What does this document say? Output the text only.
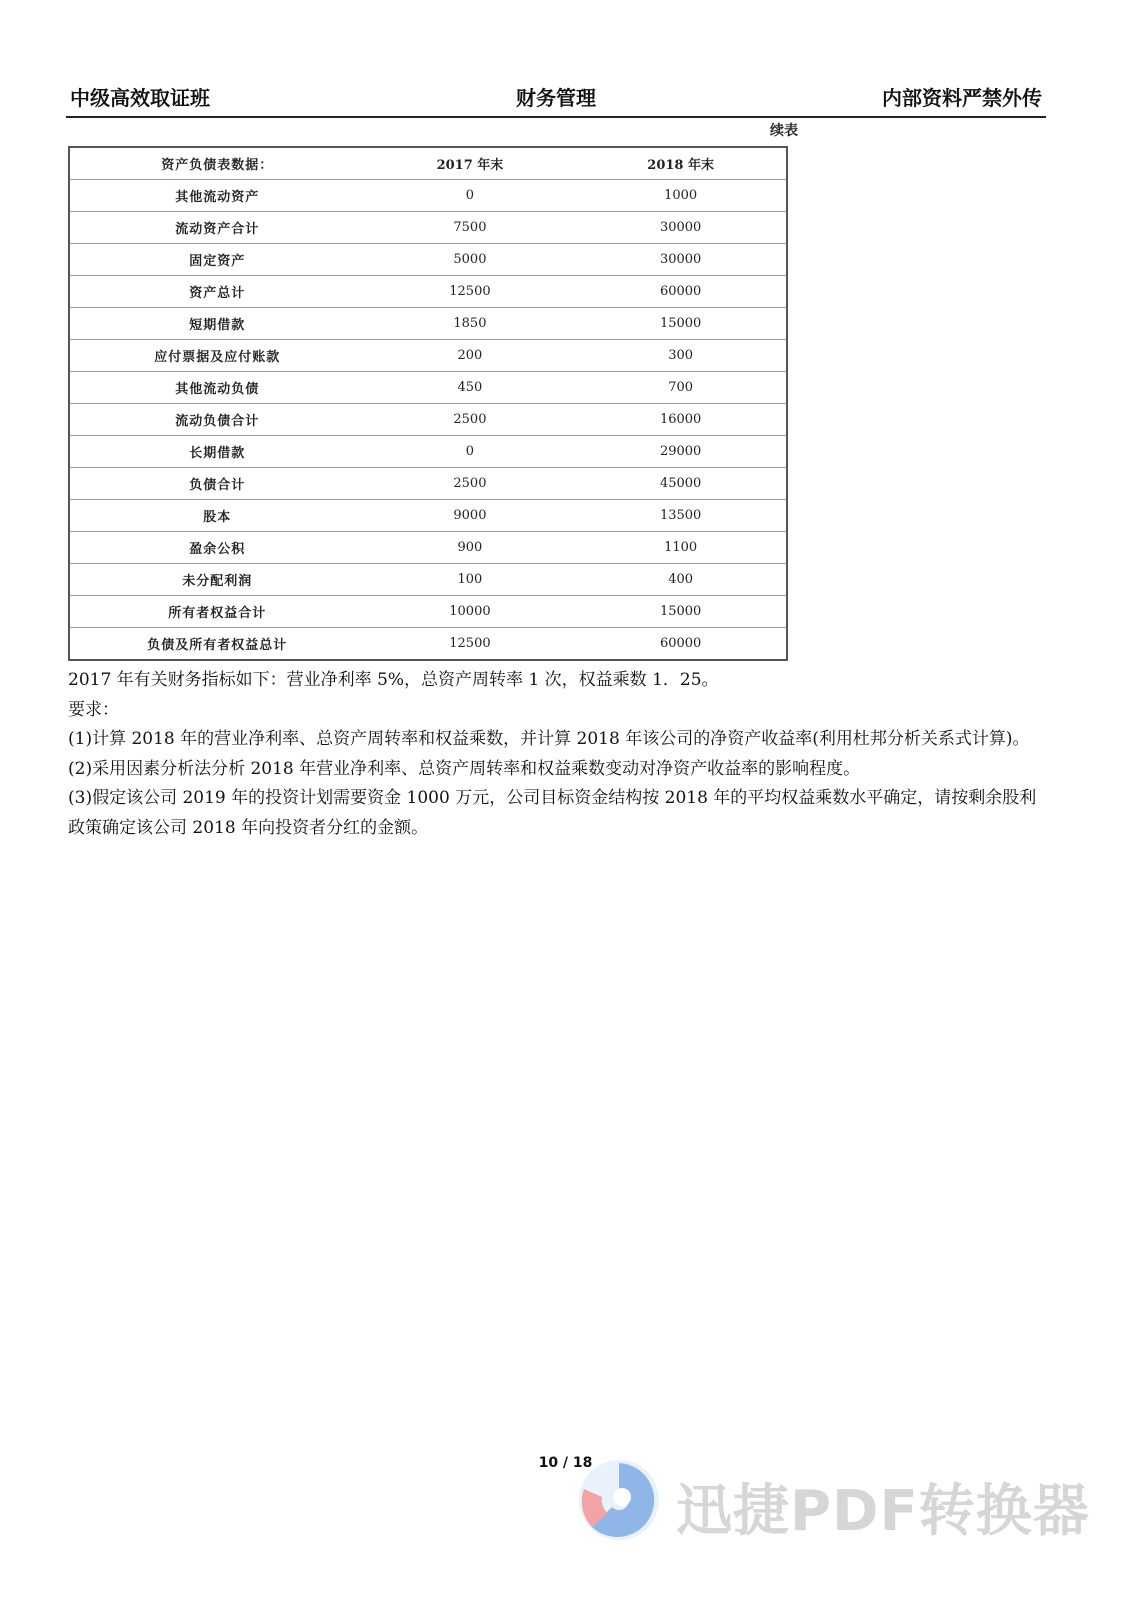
中级高效取证班	财务管理	内部资料严禁外传
续表
资产负债表数据：	2017 年末	2018 年末
其他流动资产	0	1000
流动资产合计	7500	30000
固定资产	5000	30000
资产总计	12500	60000
短期借款	1850	15000
应付票据及应付账款	200	300
其他流动负债	450	700
流动负债合计	2500	16000
长期借款	0	29000
负债合计	2500	45000
股本	9000	13500
盈余公积	900	1100
未分配利润	100	400
所有者权益合计	10000	15000
负债及所有者权益总计	12500	60000

2017 年有关财务指标如下：营业净利率 5%，总资产周转率 1 次，权益乘数 1．25。

要求：

(1)计算 2018 年的营业净利率、总资产周转率和权益乘数，并计算 2018 年该公司的净资产收益率(利用杜邦分析关系式计算)。

(2)采用因素分析法分析 2018 年营业净利率、总资产周转率和权益乘数变动对净资产收益率的影响程度。

(3)假定该公司 2019 年的投资计划需要资金 1000 万元，公司目标资金结构按 2018 年的平均权益乘数水平确定，请按剩余股利政策确定该公司 2018 年向投资者分红的金额。

10 / 18
迅捷PDF转换器
